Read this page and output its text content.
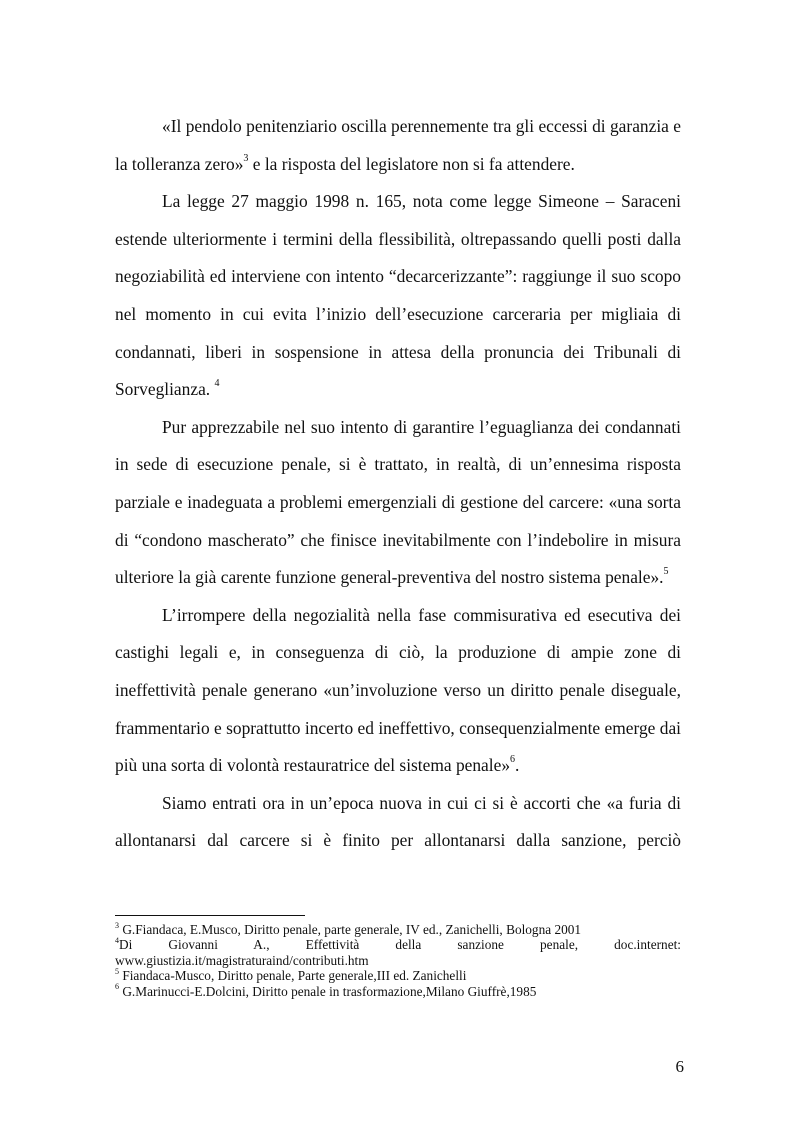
«Il pendolo penitenziario oscilla perennemente tra gli eccessi di garanzia e la tolleranza zero»$^3$ e la risposta del legislatore non si fa attendere.

La legge 27 maggio 1998 n. 165, nota come legge Simeone – Saraceni estende ulteriormente i termini della flessibilità, oltrepassando quelli posti dalla negoziabilità ed interviene con intento “decarcerizzante”: raggiunge il suo scopo nel momento in cui evita l’inizio dell’esecuzione carceraria per migliaia di condannati, liberi in sospensione in attesa della pronuncia dei Tribunali di Sorveglianza. $^4$

Pur apprezzabile nel suo intento di garantire l’eguaglianza dei condannati in sede di esecuzione penale, si è trattato, in realtà, di un’ennesima risposta parziale e inadeguata a problemi emergenziali di gestione del carcere: «una sorta di “condono mascherato” che finisce inevitabilmente con l’indebolire in misura ulteriore la già carente funzione general-preventiva del nostro sistema penale».$^5$

L’irrompere della negozialità nella fase commisurativa ed esecutiva dei castighi legali e, in conseguenza di ciò, la produzione di ampie zone di ineffettività penale generano «un’involuzione verso un diritto penale diseguale, frammentario e soprattutto incerto ed ineffettivo, consequenzialmente emerge dai più una sorta di volontà restauratrice del sistema penale»$^6$.

Siamo entrati ora in un’epoca nuova in cui ci si è accorti che «a furia di allontanarsi dal carcere si è finito per allontanarsi dalla sanzione, perciò

$^3$ G.Fiandaca, E.Musco, Diritto penale, parte generale, IV ed., Zanichelli, Bologna 2001

$^4$Di Giovanni A., Effettività della sanzione penale, doc.internet: www.giustizia.it/magistraturaind/contributi.htm

$^5$ Fiandaca-Musco, Diritto penale, Parte generale,III ed. Zanichelli

$^6$ G.Marinucci-E.Dolcini, Diritto penale in trasformazione,Milano Giuffrè,1985

6
